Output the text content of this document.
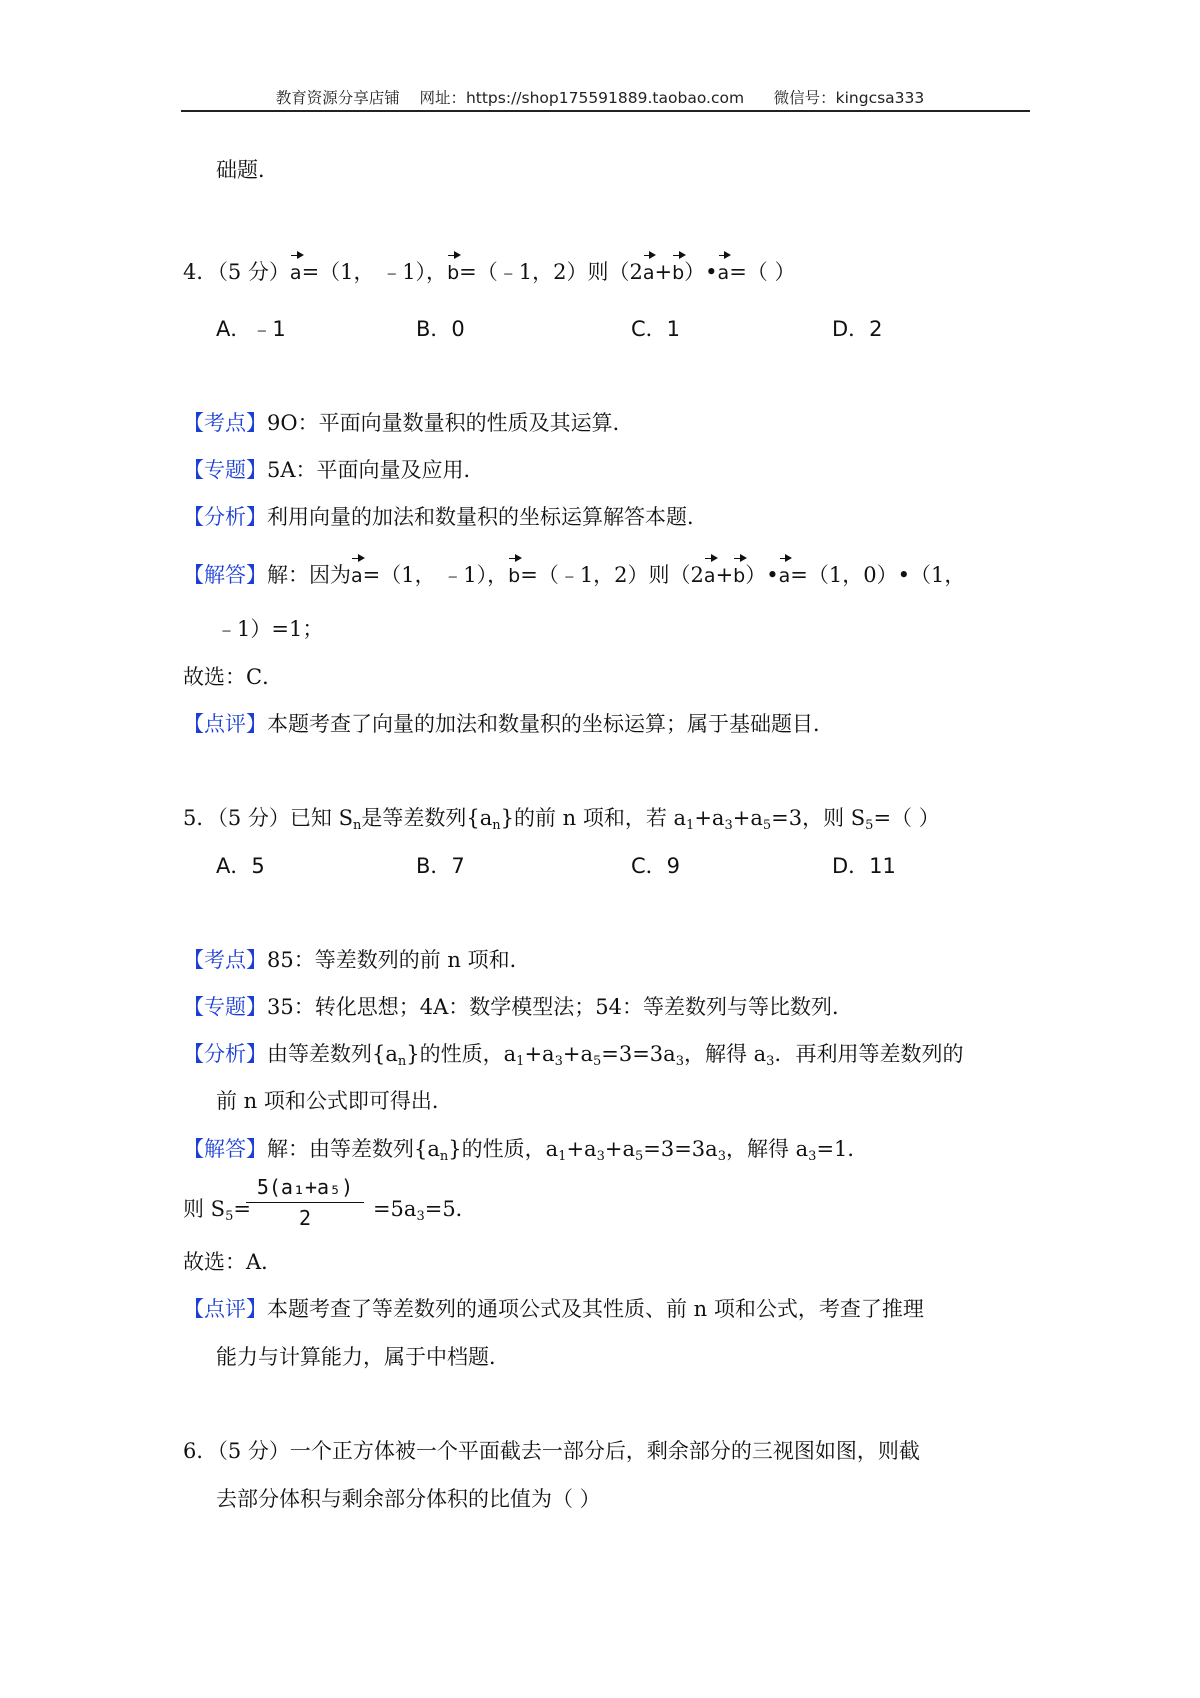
教育资源分享店铺    网址：https://shop175591889.taobao.com      微信号：kingcsa333
础题．
4．（5 分）a=（1， ﹣1），b=（﹣1，2）则（2a+b）•a=（ ）
A．﹣1	B．0	C．1	D．2
【考点】9O：平面向量数量积的性质及其运算．
【专题】5A：平面向量及应用．
【分析】利用向量的加法和数量积的坐标运算解答本题．
【解答】解：因为a=（1， ﹣1），b=（﹣1，2）则（2a+b）•a=（1，0）•（1，
﹣1）=1；
故选：C．
【点评】本题考查了向量的加法和数量积的坐标运算；属于基础题目．
5．（5 分）已知 $S_n$是等差数列$\{a_n\}$的前 n 项和，若 $a_1+a_3+a_5=3$，则 $S_5=$（ ）
A．5	B．7	C．9	D．11
【考点】85：等差数列的前 n 项和．
【专题】35：转化思想；4A：数学模型法；54：等差数列与等比数列．
【分析】由等差数列$\{a_n\}$的性质，$a_1+a_3+a_5=3=3a_3$，解得 $a_3$．再利用等差数列的
前 n 项和公式即可得出．
【解答】解：由等差数列$\{a_n\}$的性质，$a_1+a_3+a_5=3=3a_3$，解得 $a_3=1$．
则 $S_5=$	$=5a_3=5$．
5(a₁+a₅)
2
故选：A．
【点评】本题考查了等差数列的通项公式及其性质、前 n 项和公式，考查了推理
能力与计算能力，属于中档题．
6．（5 分）一个正方体被一个平面截去一部分后，剩余部分的三视图如图，则截
去部分体积与剩余部分体积的比值为（ ）
